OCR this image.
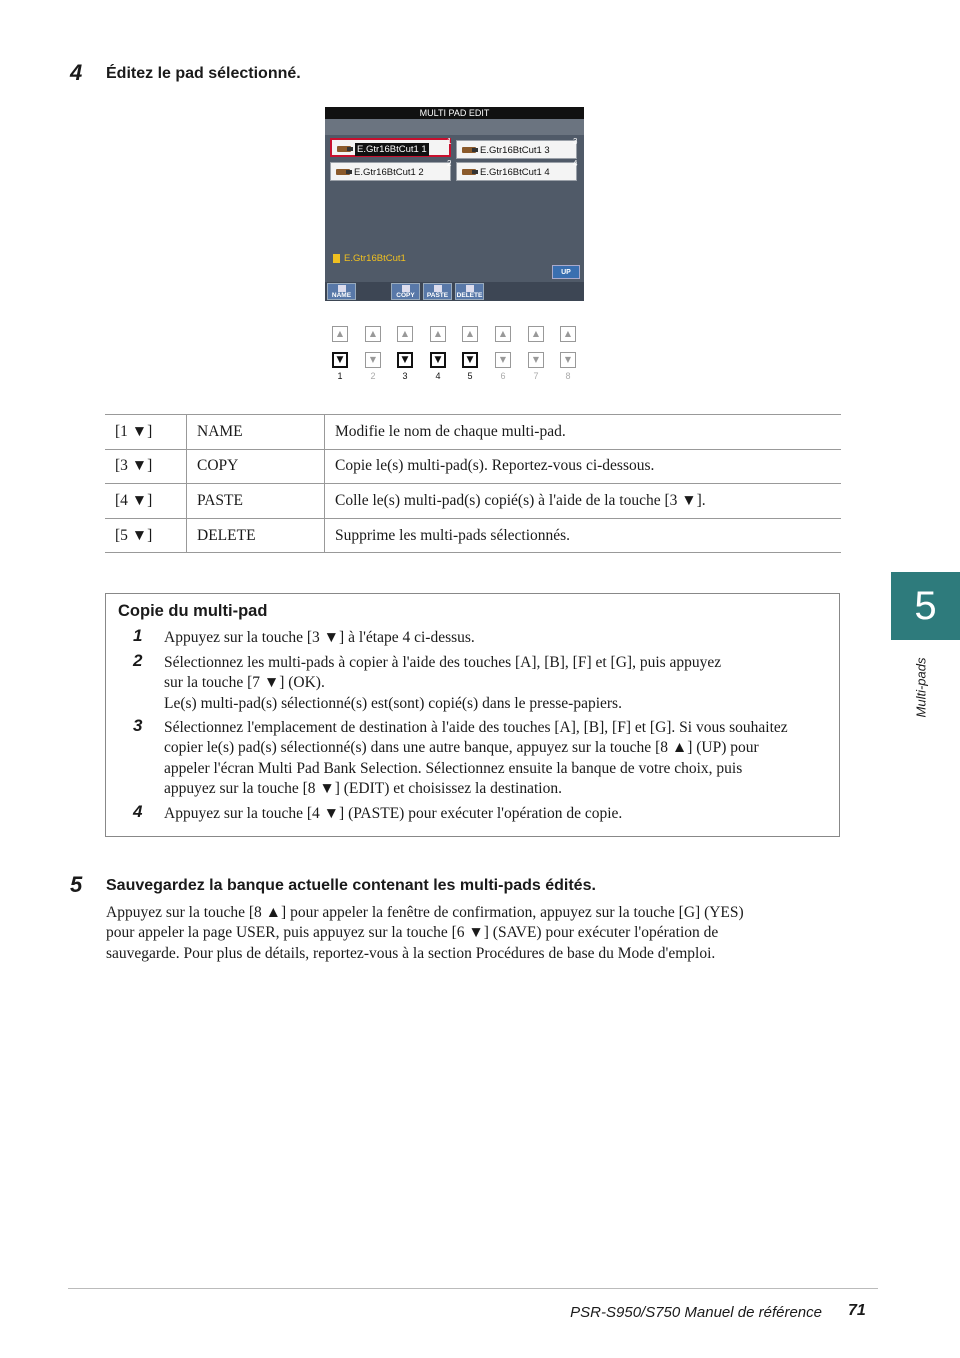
4 Éditez le pad sélectionné.
MULTI PAD EDIT
E.Gtr16BtCut1 1
1
E.Gtr16BtCut1 3
3
E.Gtr16BtCut1 2
2
E.Gtr16BtCut1 4
4
E.Gtr16BtCut1
UP
NAME	COPY	PASTE	DELETE
▲
▼
1
▲
▼
2
▲
▼
3
▲
▼
4
▲
▼
5
▲
▼
6
▲
▼
7
▲
▼
8
[1 ▼]	NAME	Modifie le nom de chaque multi-pad.
[3 ▼]	COPY	Copie le(s) multi-pad(s). Reportez-vous ci-dessous.
[4 ▼]	PASTE	Colle le(s) multi-pad(s) copié(s) à l'aide de la touche [3 ▼].
[5 ▼]	DELETE	Supprime les multi-pads sélectionnés.
Copie du multi-pad
1 Appuyez sur la touche [3 ▼] à l'étape 4 ci-dessus.
2 Sélectionnez les multi-pads à copier à l'aide des touches [A], [B], [F] et [G], puis appuyez
sur la touche [7 ▼] (OK).
Le(s) multi-pad(s) sélectionné(s) est(sont) copié(s) dans le presse-papiers.
3 Sélectionnez l'emplacement de destination à l'aide des touches [A], [B], [F] et [G]. Si vous souhaitez
copier le(s) pad(s) sélectionné(s) dans une autre banque, appuyez sur la touche [8 ▲] (UP) pour
appeler l'écran Multi Pad Bank Selection. Sélectionnez ensuite la banque de votre choix, puis
appuyez sur la touche [8 ▼] (EDIT) et choisissez la destination.
4 Appuyez sur la touche [4 ▼] (PASTE) pour exécuter l'opération de copie.
5 Sauvegardez la banque actuelle contenant les multi-pads édités.
Appuyez sur la touche [8 ▲] pour appeler la fenêtre de confirmation, appuyez sur la touche [G] (YES)
pour appeler la page USER, puis appuyez sur la touche [6 ▼] (SAVE) pour exécuter l'opération de
sauvegarde. Pour plus de détails, reportez-vous à la section Procédures de base du Mode d'emploi.
5
Multi-pads
PSR-S950/S750 Manuel de référence 71
